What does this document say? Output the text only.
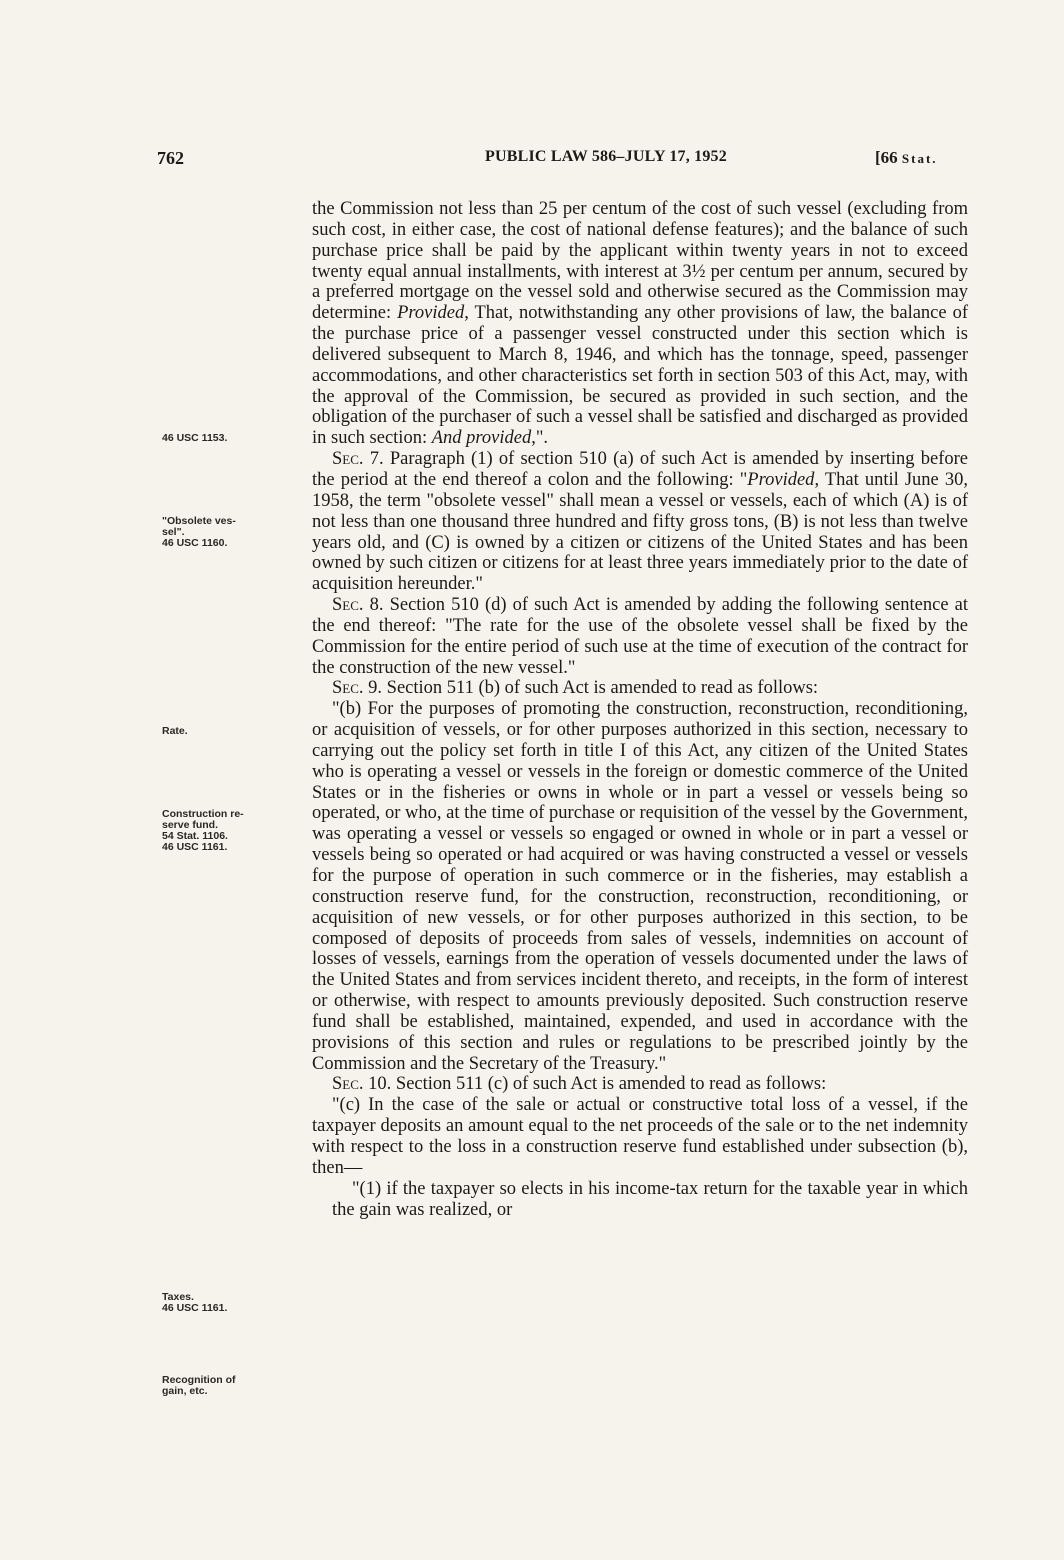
762	PUBLIC LAW 586–JULY 17, 1952	[66 Stat.
46 USC 1153.
"Obsolete ves-
sel".
46 USC 1160.
Rate.
Construction re-
serve fund.
54 Stat. 1106.
46 USC 1161.
Taxes.
46 USC 1161.
Recognition of
gain, etc.

the Commission not less than 25 per centum of the cost of such vessel (excluding from such cost, in either case, the cost of national defense features); and the balance of such purchase price shall be paid by the applicant within twenty years in not to exceed twenty equal annual installments, with interest at 3½ per centum per annum, secured by a preferred mortgage on the vessel sold and otherwise secured as the Commission may determine: Provided, That, notwithstanding any other provisions of law, the balance of the purchase price of a passenger vessel constructed under this section which is delivered subsequent to March 8, 1946, and which has the tonnage, speed, passenger accommodations, and other characteristics set forth in section 503 of this Act, may, with the approval of the Commission, be secured as provided in such section, and the obligation of the purchaser of such a vessel shall be satisfied and discharged as provided in such section: And provided,".

Sec. 7. Paragraph (1) of section 510 (a) of such Act is amended by inserting before the period at the end thereof a colon and the following: "Provided, That until June 30, 1958, the term "obsolete vessel" shall mean a vessel or vessels, each of which (A) is of not less than one thousand three hundred and fifty gross tons, (B) is not less than twelve years old, and (C) is owned by a citizen or citizens of the United States and has been owned by such citizen or citizens for at least three years immediately prior to the date of acquisition hereunder."

Sec. 8. Section 510 (d) of such Act is amended by adding the following sentence at the end thereof: "The rate for the use of the obsolete vessel shall be fixed by the Commission for the entire period of such use at the time of execution of the contract for the construction of the new vessel."

Sec. 9. Section 511 (b) of such Act is amended to read as follows:

"(b) For the purposes of promoting the construction, reconstruction, reconditioning, or acquisition of vessels, or for other purposes authorized in this section, necessary to carrying out the policy set forth in title I of this Act, any citizen of the United States who is operating a vessel or vessels in the foreign or domestic commerce of the United States or in the fisheries or owns in whole or in part a vessel or vessels being so operated, or who, at the time of purchase or requisition of the vessel by the Government, was operating a vessel or vessels so engaged or owned in whole or in part a vessel or vessels being so operated or had acquired or was having constructed a vessel or vessels for the purpose of operation in such commerce or in the fisheries, may establish a construction reserve fund, for the construction, reconstruction, reconditioning, or acquisition of new vessels, or for other purposes authorized in this section, to be composed of deposits of proceeds from sales of vessels, indemnities on account of losses of vessels, earnings from the operation of vessels documented under the laws of the United States and from services incident thereto, and receipts, in the form of interest or otherwise, with respect to amounts previously deposited. Such construction reserve fund shall be established, maintained, expended, and used in accordance with the provisions of this section and rules or regulations to be prescribed jointly by the Commission and the Secretary of the Treasury."

Sec. 10. Section 511 (c) of such Act is amended to read as follows:

"(c) In the case of the sale or actual or constructive total loss of a vessel, if the taxpayer deposits an amount equal to the net proceeds of the sale or to the net indemnity with respect to the loss in a construction reserve fund established under subsection (b), then—

"(1) if the taxpayer so elects in his income-tax return for the taxable year in which the gain was realized, or
